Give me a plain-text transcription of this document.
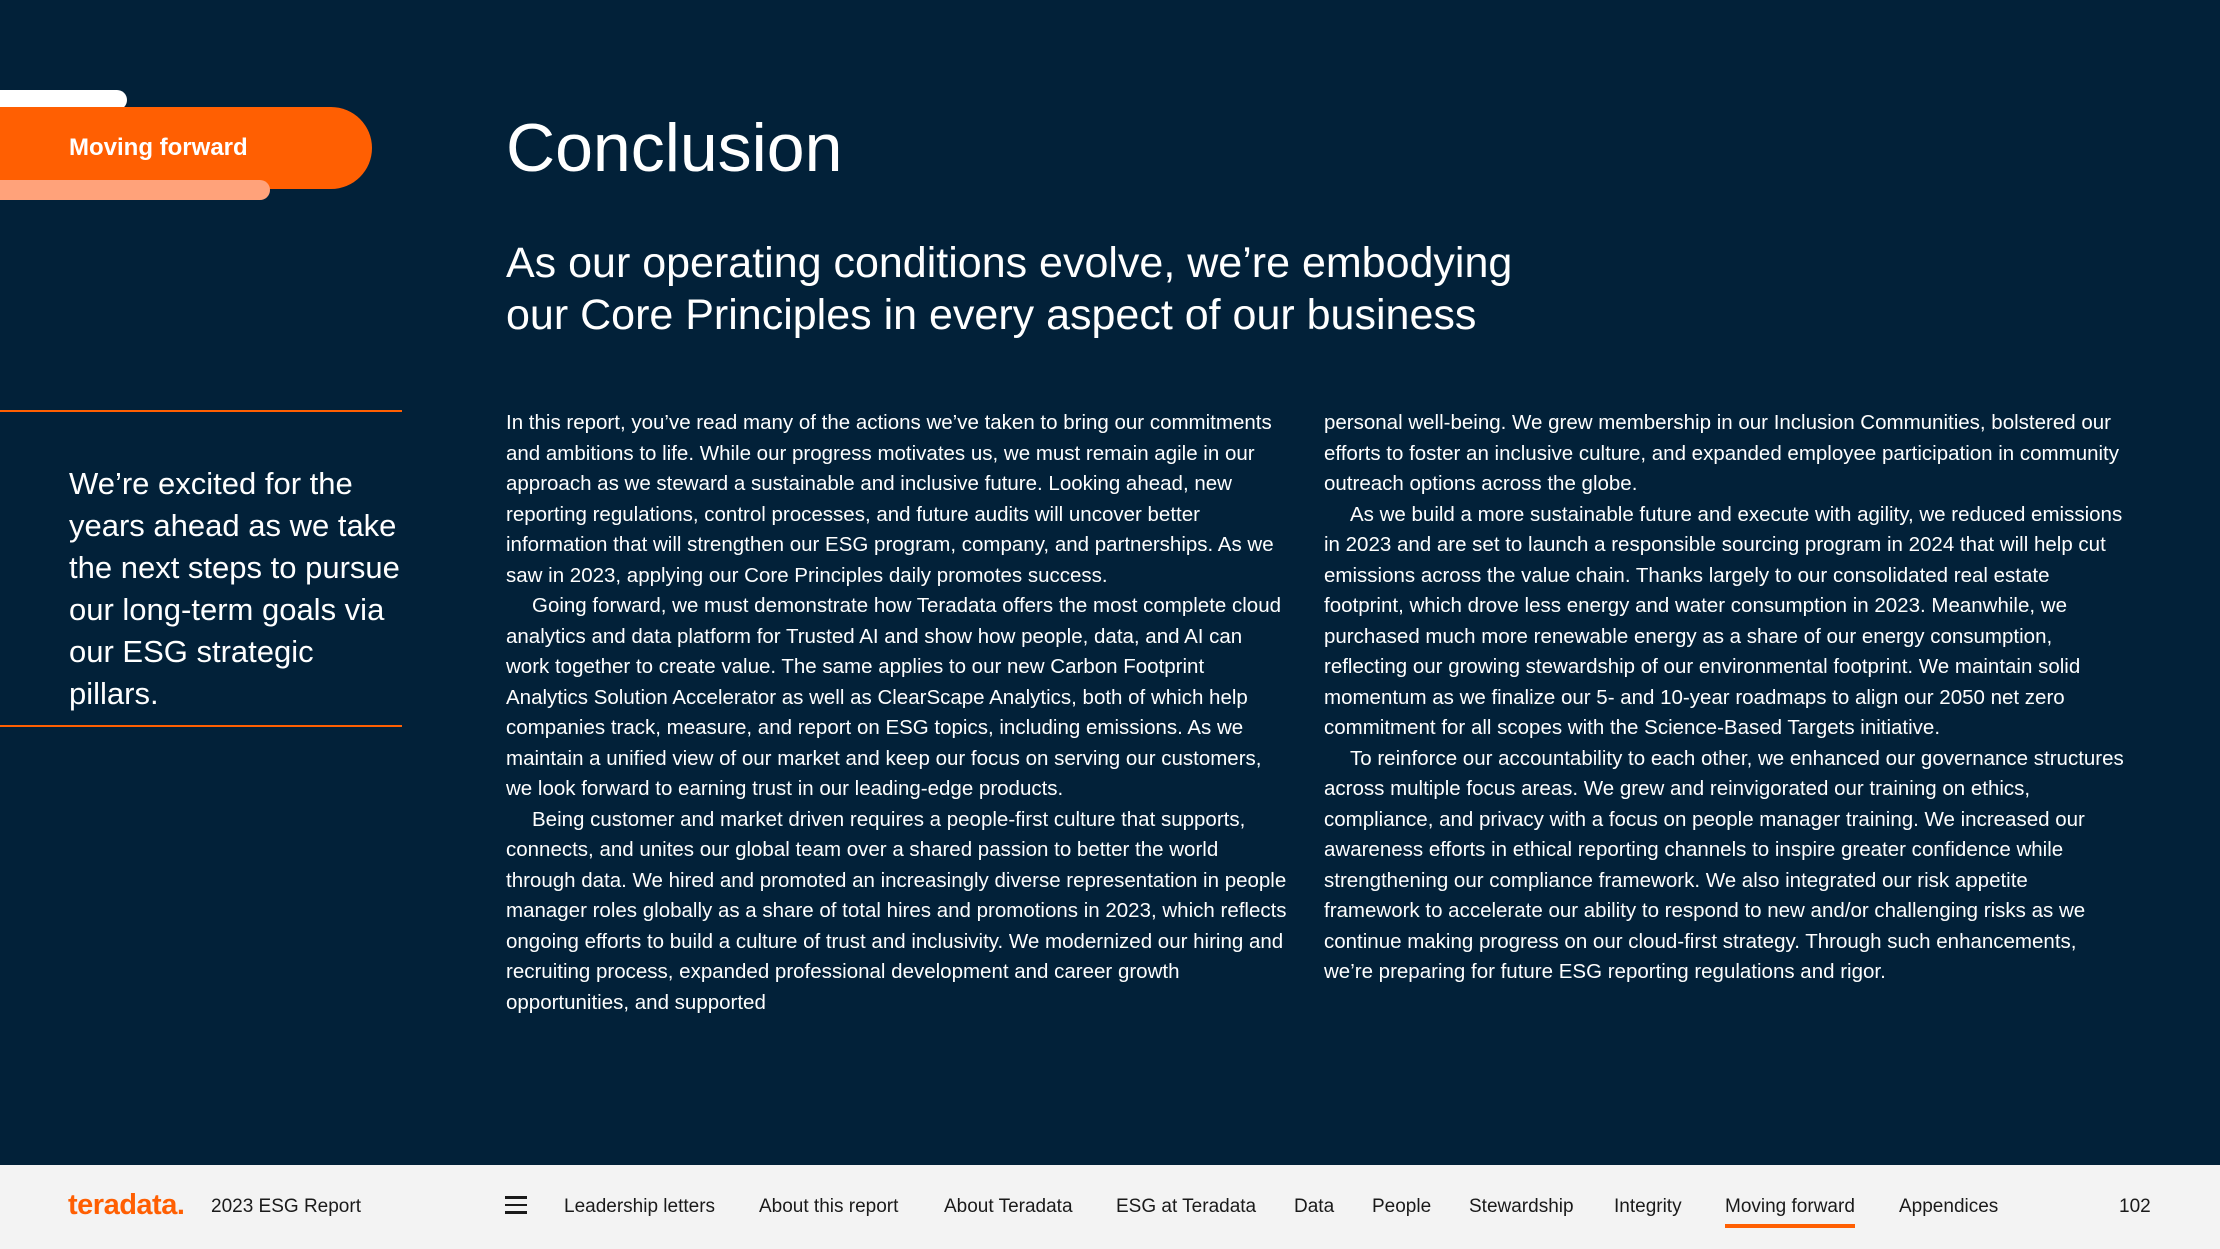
Moving forward
We’re excited for the years ahead as we take the next steps to pursue our long-term goals via our ESG strategic pillars.
Conclusion
As our operating conditions evolve, we’re embodying
our Core Principles in every aspect of our business

In this report, you’ve read many of the actions we’ve taken to bring our commitments and ambitions to life. While our progress motivates us, we must remain agile in our approach as we steward a sustainable and inclusive future. Looking ahead, new reporting regulations, control processes, and future audits will uncover better information that will strengthen our ESG program, company, and partnerships. As we saw in 2023, applying our Core Principles daily promotes success.

Going forward, we must demonstrate how Teradata offers the most complete cloud analytics and data platform for Trusted AI and show how people, data, and AI can work together to create value. The same applies to our new Carbon Footprint Analytics Solution Accelerator as well as ClearScape Analytics, both of which help companies track, measure, and report on ESG topics, including emissions. As we maintain a unified view of our market and keep our focus on serving our customers, we look forward to earning trust in our leading-edge products.

Being customer and market driven requires a people-first culture that supports, connects, and unites our global team over a shared passion to better the world through data. We hired and promoted an increasingly diverse representation in people manager roles globally as a share of total hires and promotions in 2023, which reflects ongoing efforts to build a culture of trust and inclusivity. We modernized our hiring and recruiting process, expanded professional development and career growth opportunities, and supported

personal well-being. We grew membership in our Inclusion Communities, bolstered our efforts to foster an inclusive culture, and expanded employee participation in community outreach options across the globe.

As we build a more sustainable future and execute with agility, we reduced emissions in 2023 and are set to launch a responsible sourcing program in 2024 that will help cut emissions across the value chain. Thanks largely to our consolidated real estate footprint, which drove less energy and water consumption in 2023. Meanwhile, we purchased much more renewable energy as a share of our energy consumption, reflecting our growing stewardship of our environmental footprint. We maintain solid momentum as we finalize our 5- and 10-year roadmaps to align our 2050 net zero commitment for all scopes with the Science-Based Targets initiative.

To reinforce our accountability to each other, we enhanced our governance structures across multiple focus areas. We grew and reinvigorated our training on ethics, compliance, and privacy with a focus on people manager training. We increased our awareness efforts in ethical reporting channels to inspire greater confidence while strengthening our compliance framework. We also integrated our risk appetite framework to accelerate our ability to respond to new and/or challenging risks as we continue making progress on our cloud-first strategy. Through such enhancements, we’re preparing for future ESG reporting regulations and rigor.

teradata. 2023 ESG Report	Leadership letters About this report About Teradata ESG at Teradata Data People Stewardship Integrity Moving forward Appendices	102
